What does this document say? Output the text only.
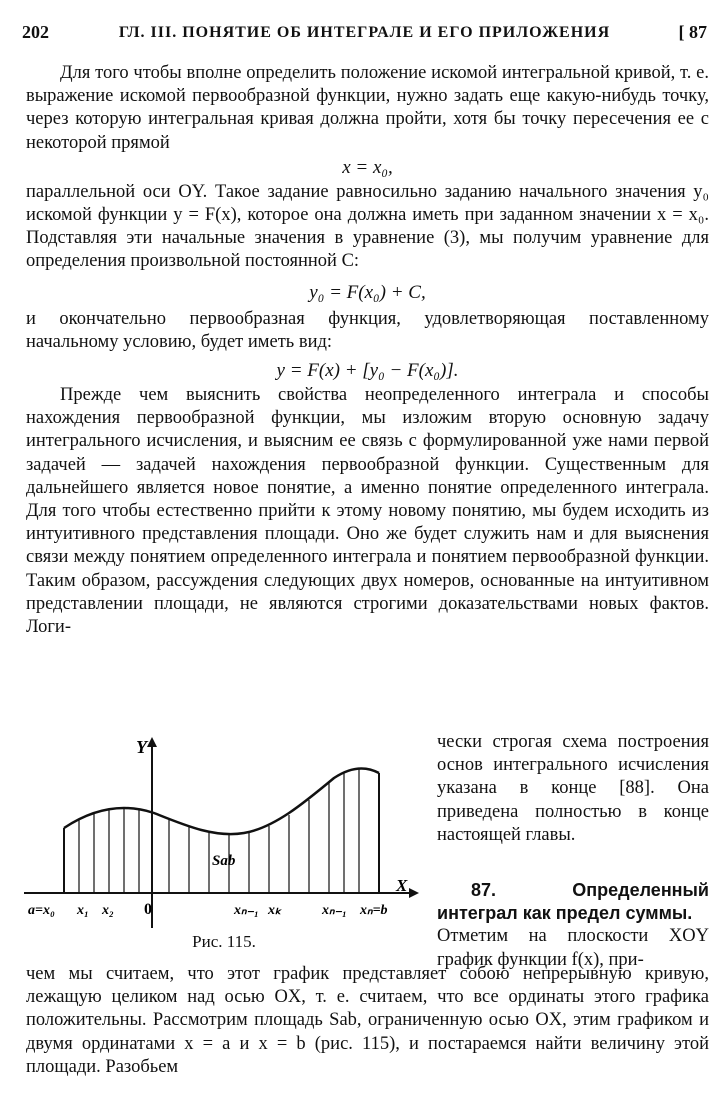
202	ГЛ. III. ПОНЯТИЕ ОБ ИНТЕГРАЛЕ И ЕГО ПРИЛОЖЕНИЯ	[ 87

Для того чтобы вполне определить положение искомой интегральной кривой, т. е. выражение искомой первообразной функции, нужно задать еще какую-нибудь точку, через которую интегральная кривая должна пройти, хотя бы точку пересечения ее с некоторой прямой

x = x₀,

параллельной оси OY. Такое задание равносильно заданию начального значения y₀ искомой функции y = F(x), которое она должна иметь при заданном значении x = x₀. Подставляя эти начальные значения в уравнение (3), мы получим уравнение для определения произвольной постоянной C:

y₀ = F(x₀) + C,

и окончательно первообразная функция, удовлетворяющая поставленному начальному условию, будет иметь вид:

y = F(x) + [y₀ − F(x₀)].

Прежде чем выяснить свойства неопределенного интеграла и способы нахождения первообразной функции, мы изложим вторую основную задачу интегрального исчисления, и выясним ее связь с формулированной уже нами первой задачей — задачей нахождения первообразной функции. Существенным для дальнейшего является новое понятие, а именно понятие определенного интеграла. Для того чтобы естественно прийти к этому новому понятию, мы будем исходить из интуитивного представления площади. Оно же будет служить нам и для выяснения связи между понятием определенного интеграла и понятием первообразной функции. Таким образом, рассуждения следующих двух номеров, основанные на интуитивном представлении площади, не являются строгими доказательствами новых фактов. Логи-

Y
X
0
Sab
a=x₀ x₁ x₂	xₙ₋₁ xₖ	xₙ₋₁ xₙ=b
Рис. 115.

чески строгая схема построения основ интегрального исчисления указана в конце [88]. Она приведена полностью в конце настоящей главы.

87. Определенный интеграл как предел суммы.

Отметим на плоскости XOY график функции f(x), при-

чем мы считаем, что этот график представляет собою непрерывную кривую, лежащую целиком над осью OX, т. е. считаем, что все ординаты этого графика положительны. Рассмотрим площадь Sab, ограниченную осью OX, этим графиком и двумя ординатами x = a и x = b (рис. 115), и постараемся найти величину этой площади. Разобьем
